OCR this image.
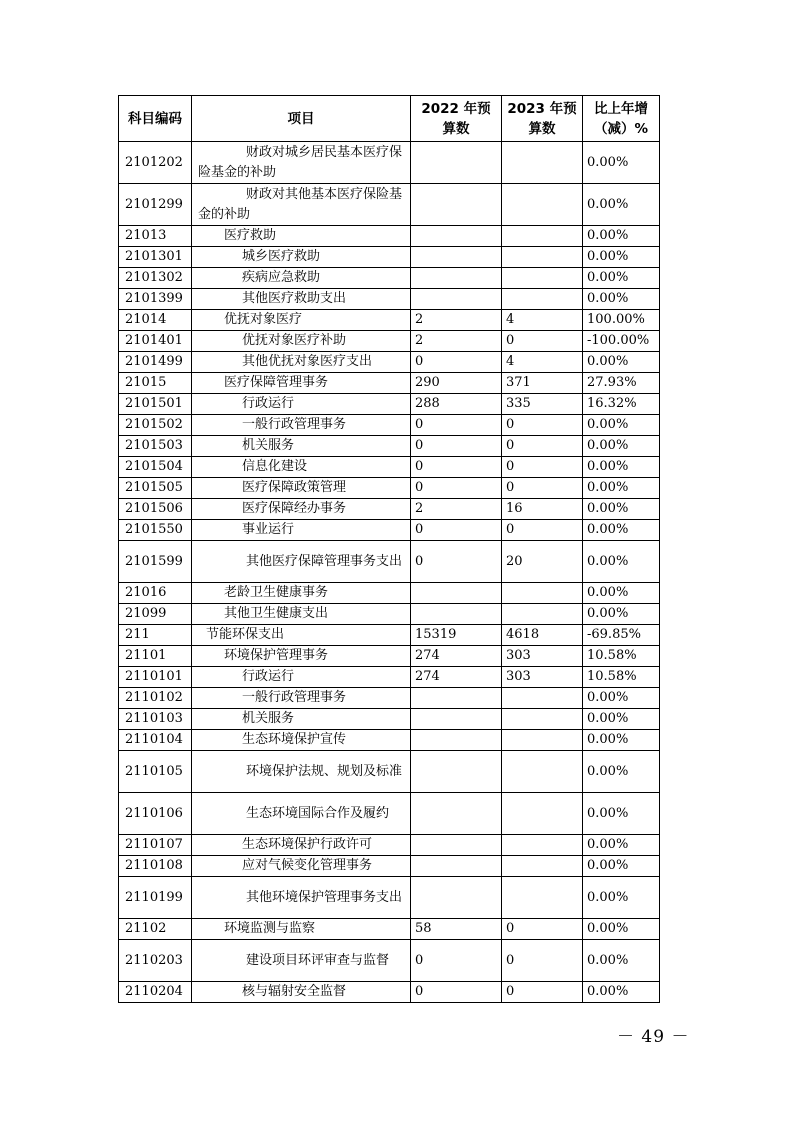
科目编码	项目	2022 年预算数	2023 年预算数	比上年增（减）%
2101202	财政对城乡居民基本医疗保险基金的补助			0.00%
2101299	财政对其他基本医疗保险基金的补助			0.00%
21013	医疗救助			0.00%
2101301	城乡医疗救助			0.00%
2101302	疾病应急救助			0.00%
2101399	其他医疗救助支出			0.00%
21014	优抚对象医疗	2	4	100.00%
2101401	优抚对象医疗补助	2	0	-100.00%
2101499	其他优抚对象医疗支出	0	4	0.00%
21015	医疗保障管理事务	290	371	27.93%
2101501	行政运行	288	335	16.32%
2101502	一般行政管理事务	0	0	0.00%
2101503	机关服务	0	0	0.00%
2101504	信息化建设	0	0	0.00%
2101505	医疗保障政策管理	0	0	0.00%
2101506	医疗保障经办事务	2	16	0.00%
2101550	事业运行	0	0	0.00%
2101599	其他医疗保障管理事务支出	0	20	0.00%
21016	老龄卫生健康事务			0.00%
21099	其他卫生健康支出			0.00%
211	节能环保支出	15319	4618	-69.85%
21101	环境保护管理事务	274	303	10.58%
2110101	行政运行	274	303	10.58%
2110102	一般行政管理事务			0.00%
2110103	机关服务			0.00%
2110104	生态环境保护宣传			0.00%
2110105	环境保护法规、规划及标准			0.00%
2110106	生态环境国际合作及履约			0.00%
2110107	生态环境保护行政许可			0.00%
2110108	应对气候变化管理事务			0.00%
2110199	其他环境保护管理事务支出			0.00%
21102	环境监测与监察	58	0	0.00%
2110203	建设项目环评审查与监督	0	0	0.00%
2110204	核与辐射安全监督	0	0	0.00%
－ 49 －
